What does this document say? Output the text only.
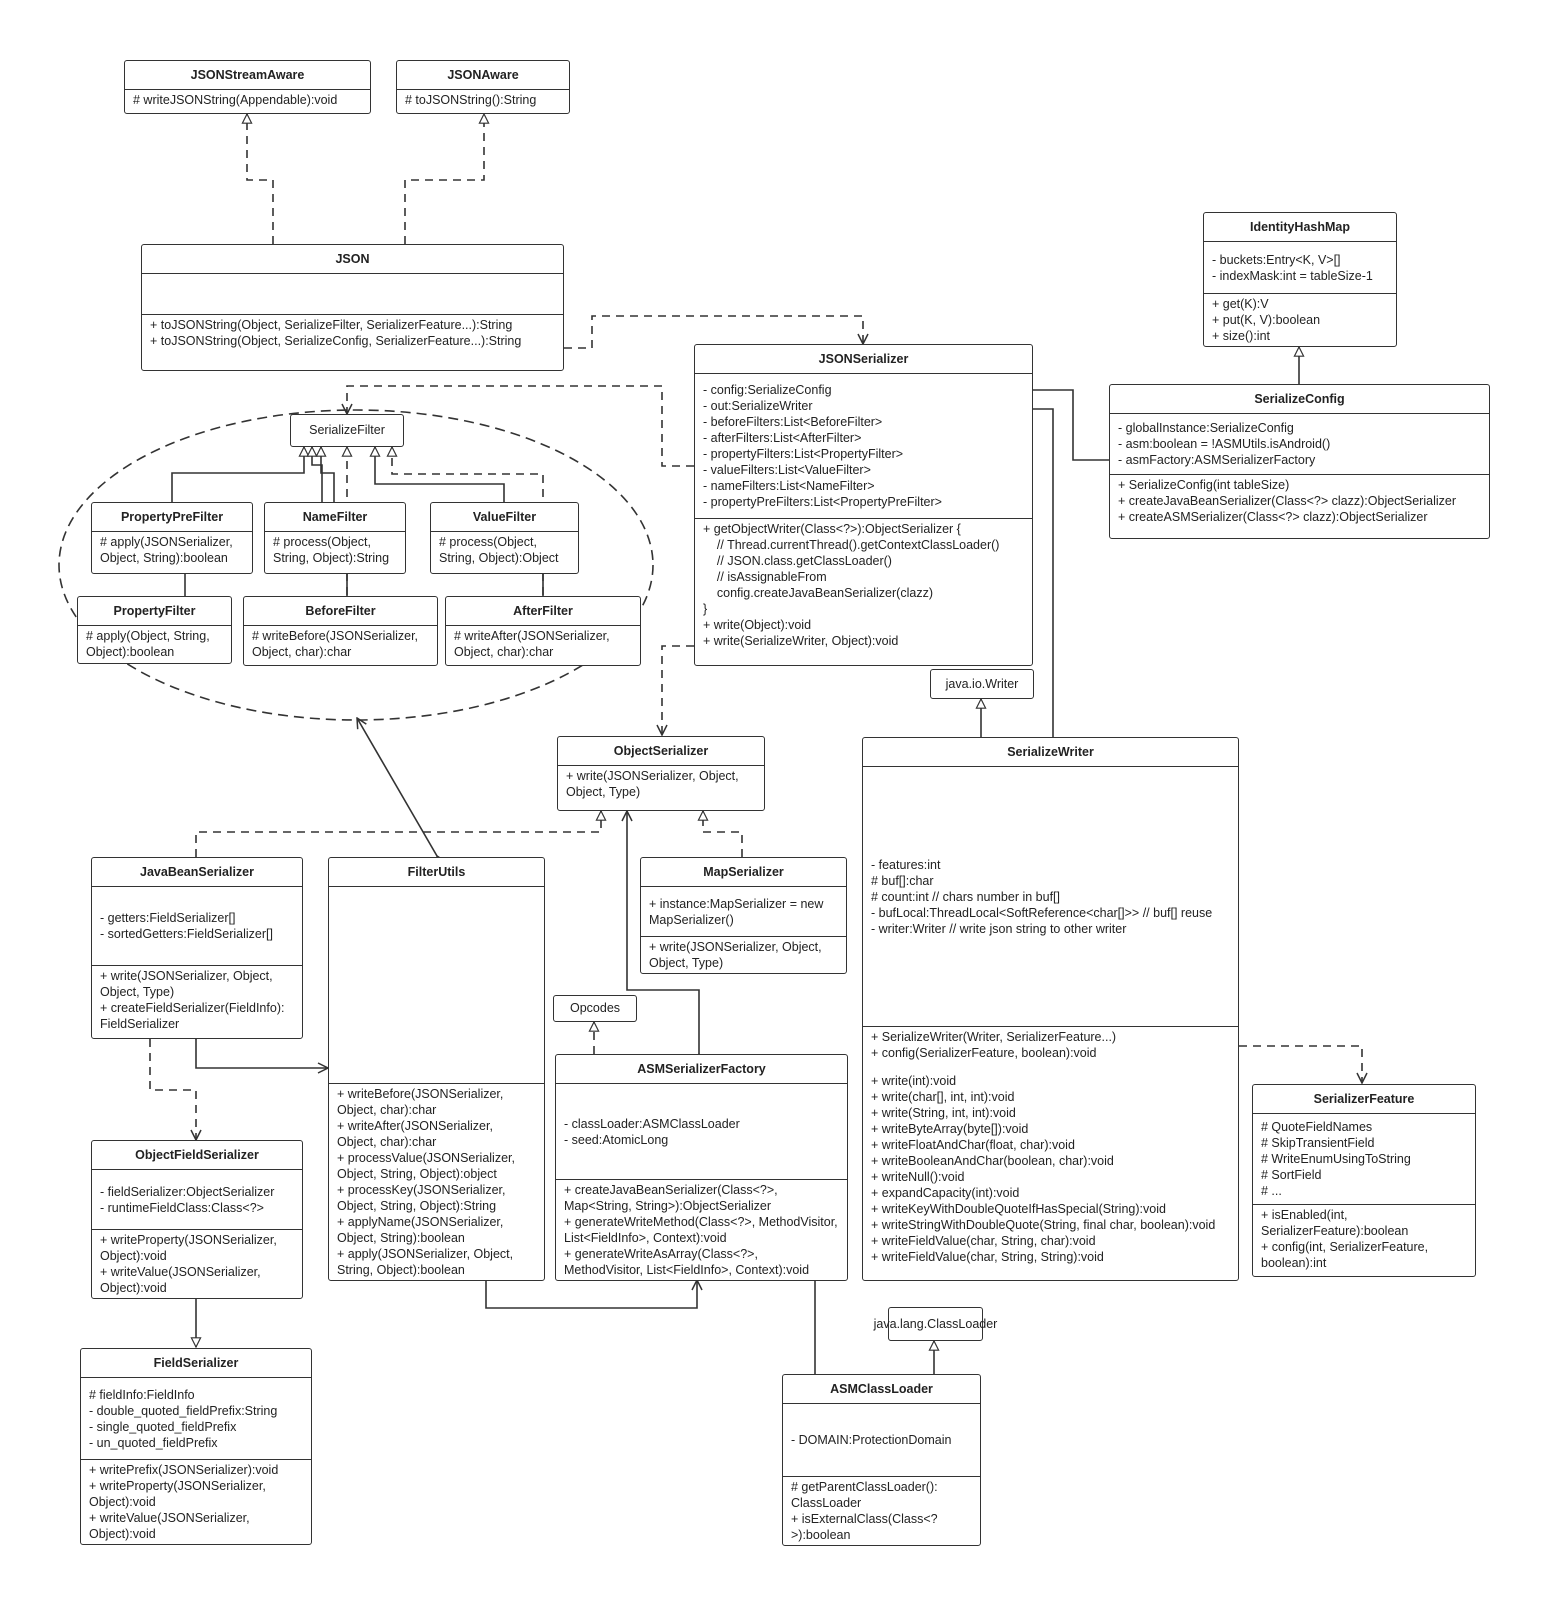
JSONStreamAware
# writeJSONString(Appendable):void
JSONAware
# toJSONString():String
JSON
+ toJSONString(Object, SerializeFilter, SerializerFeature...):String
+ toJSONString(Object, SerializeConfig, SerializerFeature...):String
JSONSerializer
- config:SerializeConfig
- out:SerializeWriter
- beforeFilters:List<BeforeFilter>
- afterFilters:List<AfterFilter>
- propertyFilters:List<PropertyFilter>
- valueFilters:List<ValueFilter>
- nameFilters:List<NameFilter>
- propertyPreFilters:List<PropertyPreFilter>
+ getObjectWriter(Class<?>):ObjectSerializer {
// Thread.currentThread().getContextClassLoader()
// JSON.class.getClassLoader()
// isAssignableFrom
config.createJavaBeanSerializer(clazz)
}
+ write(Object):void
+ write(SerializeWriter, Object):void
IdentityHashMap
- buckets:Entry<K, V>[]
- indexMask:int = tableSize-1
+ get(K):V
+ put(K, V):boolean
+ size():int
SerializeConfig
- globalInstance:SerializeConfig
- asm:boolean = !ASMUtils.isAndroid()
- asmFactory:ASMSerializerFactory
+ SerializeConfig(int tableSize)
+ createJavaBeanSerializer(Class<?> clazz):ObjectSerializer
+ createASMSerializer(Class<?> clazz):ObjectSerializer
PropertyPreFilter
# apply(JSONSerializer, Object, String):boolean
NameFilter
# process(Object, String, Object):String
ValueFilter
# process(Object, String, Object):Object
PropertyFilter
# apply(Object, String, Object):boolean
BeforeFilter
# writeBefore(JSONSerializer, Object, char):char
AfterFilter
# writeAfter(JSONSerializer, Object, char):char
ObjectSerializer
+ write(JSONSerializer, Object, Object, Type)
SerializeWriter
- features:int
# buf[]:char
# count:int // chars number in buf[]
- bufLocal:ThreadLocal<SoftReference<char[]>> // buf[] reuse
- writer:Writer // write json string to other writer
+ SerializeWriter(Writer, SerializerFeature...)
+ config(SerializerFeature, boolean):void
+ write(int):void
+ write(char[], int, int):void
+ write(String, int, int):void
+ writeByteArray(byte[]):void
+ writeFloatAndChar(float, char):void
+ writeBooleanAndChar(boolean, char):void
+ writeNull():void
+ expandCapacity(int):void
+ writeKeyWithDoubleQuoteIfHasSpecial(String):void
+ writeStringWithDoubleQuote(String, final char, boolean):void
+ writeFieldValue(char, String, char):void
+ writeFieldValue(char, String, String):void
JavaBeanSerializer
- getters:FieldSerializer[]
- sortedGetters:FieldSerializer[]
+ write(JSONSerializer, Object, Object, Type)
+ createFieldSerializer(FieldInfo): FieldSerializer
FilterUtils
+ writeBefore(JSONSerializer, Object, char):char
+ writeAfter(JSONSerializer, Object, char):char
+ processValue(JSONSerializer, Object, String, Object):object
+ processKey(JSONSerializer, Object, String, Object):String
+ applyName(JSONSerializer, Object, String):boolean
+ apply(JSONSerializer, Object, String, Object):boolean
MapSerializer
+ instance:MapSerializer = new MapSerializer()
+ write(JSONSerializer, Object, Object, Type)
ASMSerializerFactory
- classLoader:ASMClassLoader
- seed:AtomicLong
+ createJavaBeanSerializer(Class<?>, Map<String, String>):ObjectSerializer
+ generateWriteMethod(Class<?>, MethodVisitor, List<FieldInfo>, Context):void
+ generateWriteAsArray(Class<?>, MethodVisitor, List<FieldInfo>, Context):void
SerializerFeature
# QuoteFieldNames
# SkipTransientField
# WriteEnumUsingToString
# SortField
# ...
+ isEnabled(int, SerializerFeature):boolean
+ config(int, SerializerFeature, boolean):int
ObjectFieldSerializer
- fieldSerializer:ObjectSerializer
- runtimeFieldClass:Class<?>
+ writeProperty(JSONSerializer, Object):void
+ writeValue(JSONSerializer, Object):void
FieldSerializer
# fieldInfo:FieldInfo
- double_quoted_fieldPrefix:String
- single_quoted_fieldPrefix
- un_quoted_fieldPrefix
+ writePrefix(JSONSerializer):void
+ writeProperty(JSONSerializer, Object):void
+ writeValue(JSONSerializer, Object):void
ASMClassLoader
- DOMAIN:ProtectionDomain
# getParentClassLoader(): ClassLoader
+ isExternalClass(Class<?>):boolean
SerializeFilter
java.io.Writer
Opcodes
java.lang.ClassLoader
